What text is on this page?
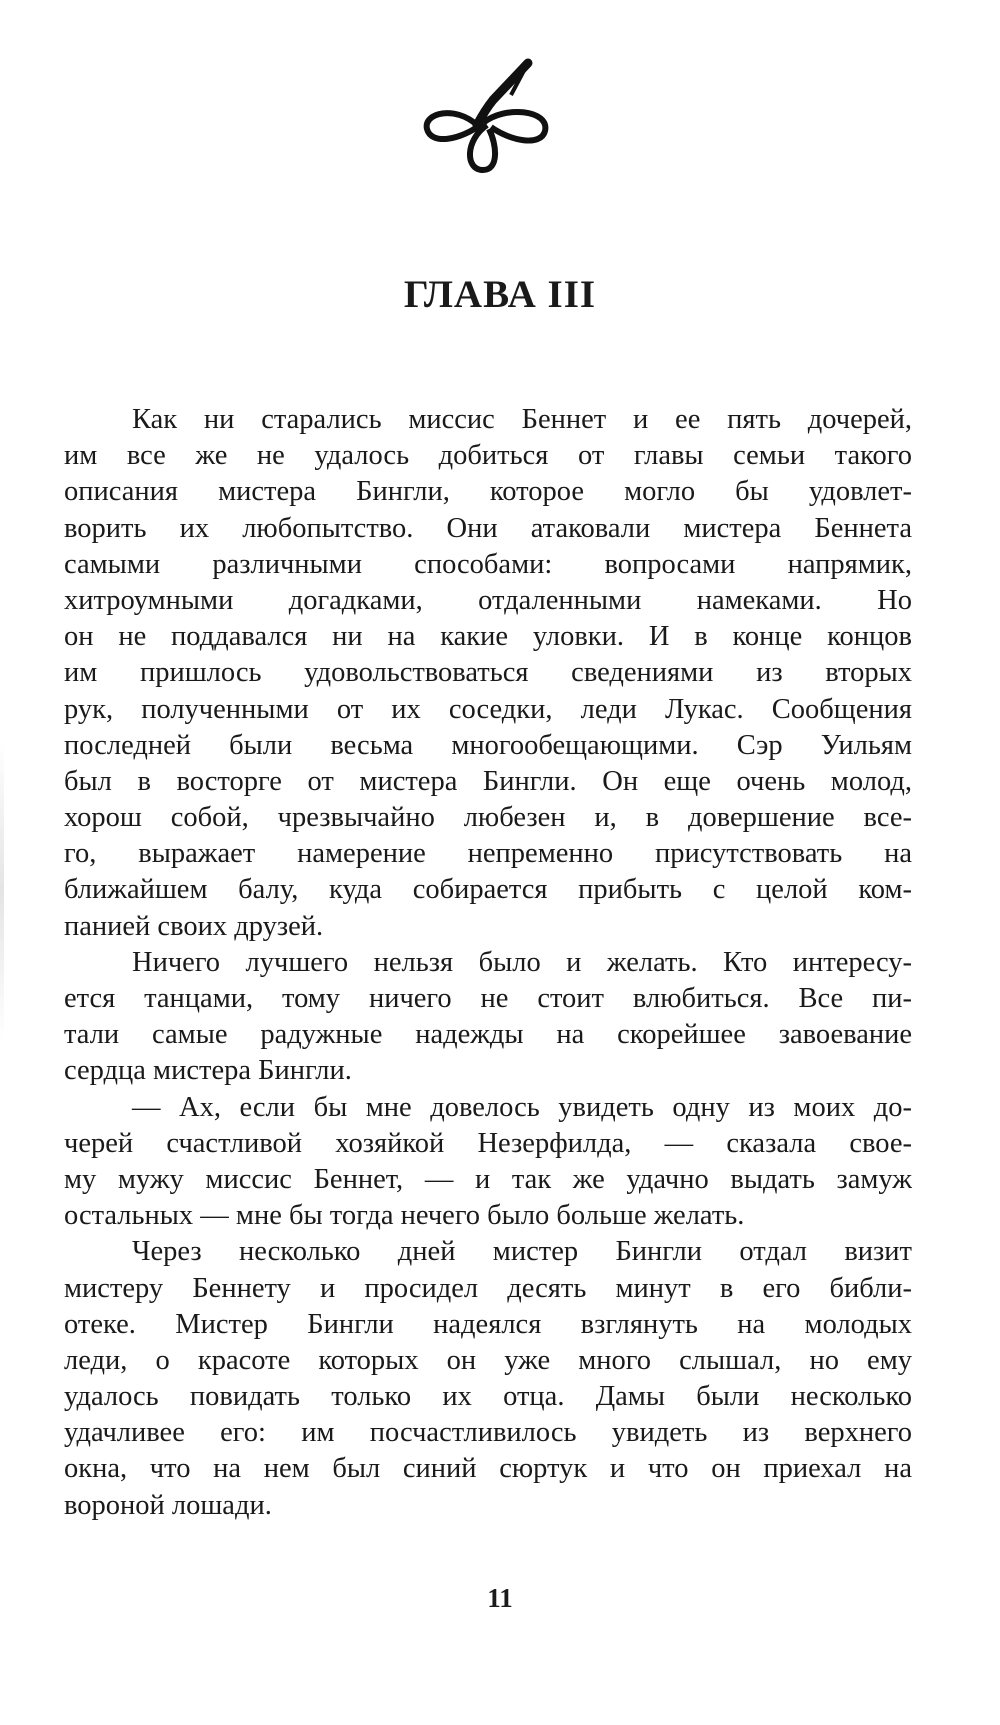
ГЛАВА III
Как ни старались миссис Беннет и ее пять дочерей,
им все же не удалось добиться от главы семьи такого
описания мистера Бингли, которое могло бы удовлет-
ворить их любопытство. Они атаковали мистера Беннета
самыми различными способами: вопросами напрямик,
хитроумными догадками, отдаленными намеками. Но
он не поддавался ни на какие уловки. И в конце концов
им пришлось удовольствоваться сведениями из вторых
рук, полученными от их соседки, леди Лукас. Сообщения
последней были весьма многообещающими. Сэр Уильям
был в восторге от мистера Бингли. Он еще очень молод,
хорош собой, чрезвычайно любезен и, в довершение все-
го, выражает намерение непременно присутствовать на
ближайшем балу, куда собирается прибыть с целой ком-
панией своих друзей.
Ничего лучшего нельзя было и желать. Кто интересу-
ется танцами, тому ничего не стоит влюбиться. Все пи-
тали самые радужные надежды на скорейшее завоевание
сердца мистера Бингли.
— Ах, если бы мне довелось увидеть одну из моих до-
черей счастливой хозяйкой Незерфилда, — сказала свое-
му мужу миссис Беннет, — и так же удачно выдать замуж
остальных — мне бы тогда нечего было больше желать.
Через несколько дней мистер Бингли отдал визит
мистеру Беннету и просидел десять минут в его библи-
отеке. Мистер Бингли надеялся взглянуть на молодых
леди, о красоте которых он уже много слышал, но ему
удалось повидать только их отца. Дамы были несколько
удачливее его: им посчастливилось увидеть из верхнего
окна, что на нем был синий сюртук и что он приехал на
вороной лошади.
11
